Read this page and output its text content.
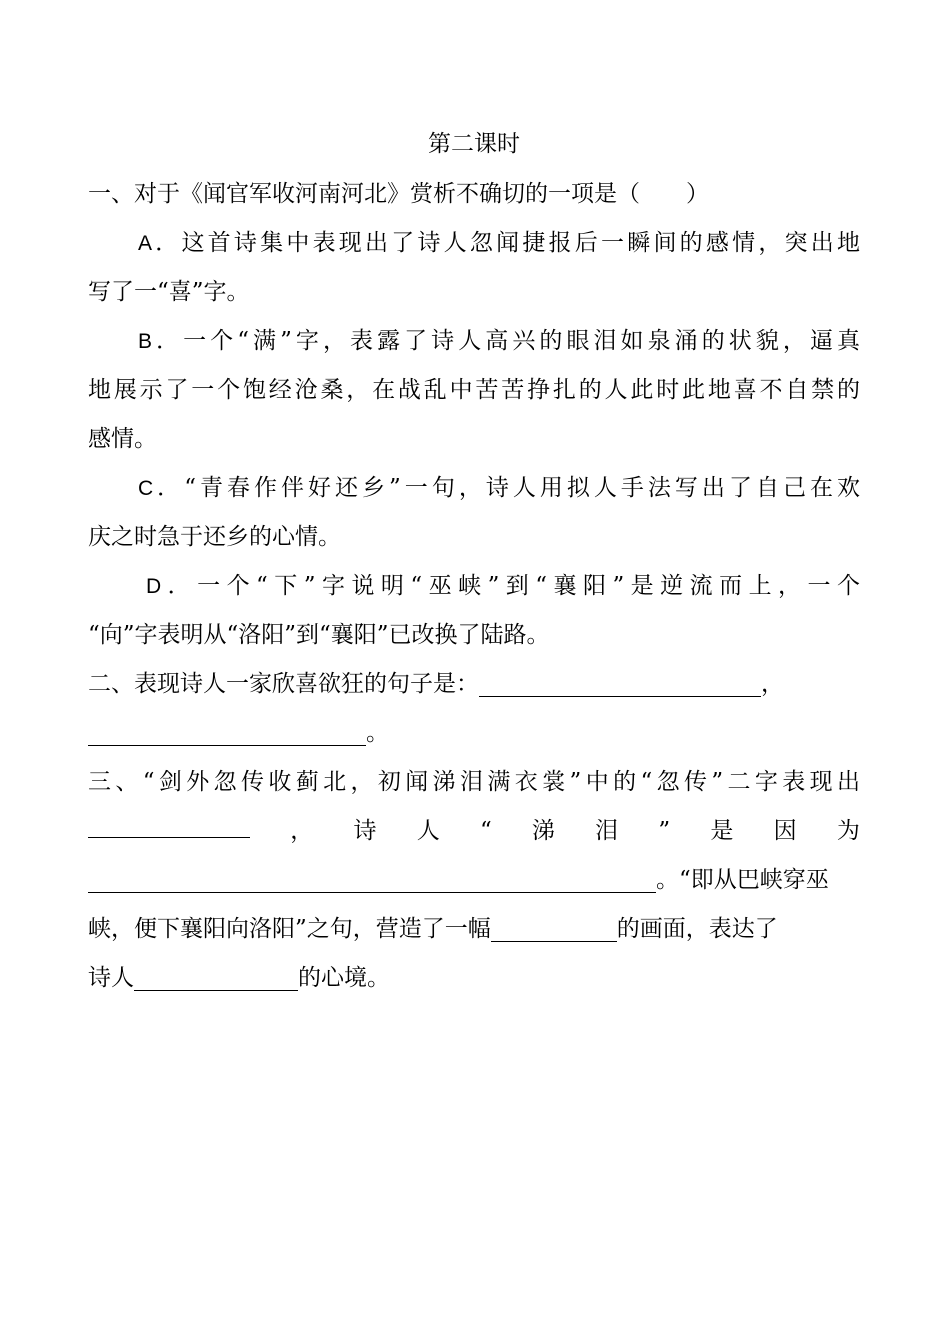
第二课时
一、对于《闻官军收河南河北》赏析不确切的一项是（　　）
A．这首诗集中表现出了诗人忽闻捷报后一瞬间的感情，突出地
写了一“喜”字。
B．一个“满”字，表露了诗人高兴的眼泪如泉涌的状貌，逼真
地展示了一个饱经沧桑，在战乱中苦苦挣扎的人此时此地喜不自禁的
感情。
C．“青春作伴好还乡”一句，诗人用拟人手法写出了自己在欢
庆之时急于还乡的心情。
D．一个“下”字说明“巫峡”到“襄阳”是逆流而上，一个
“向”字表明从“洛阳”到“襄阳”已改换了陆路。
二、表现诗人一家欣喜欲狂的句子是：	，
。
三、“剑外忽传收蓟北，初闻涕泪满衣裳”中的“忽传”二字表现出
， 诗 人 “ 涕 泪 ” 是 因 为
。“即从巴峡穿巫
峡，便下襄阳向洛阳”之句，营造了一幅	的画面，表达了
诗人	的心境。
